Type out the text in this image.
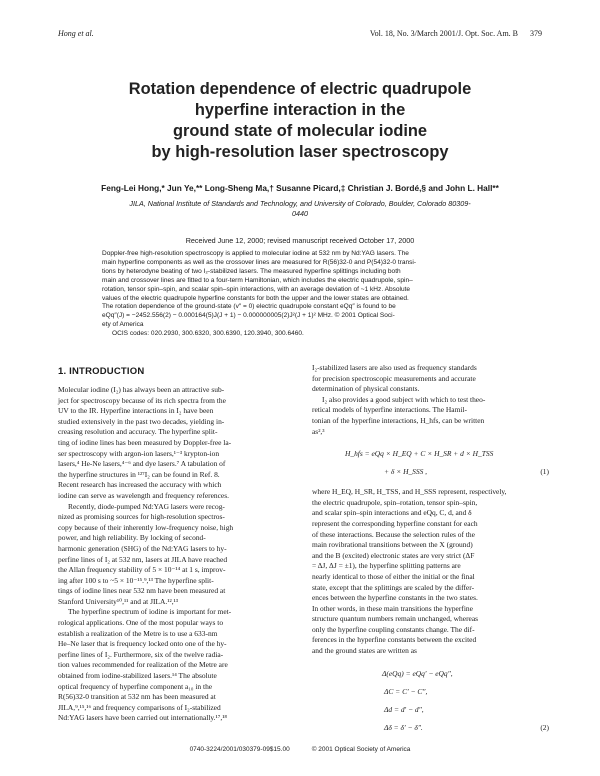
Hong et al.	Vol. 18, No. 3/March 2001/J. Opt. Soc. Am. B 379
Rotation dependence of electric quadrupole
hyperfine interaction in the
ground state of molecular iodine
by high-resolution laser spectroscopy
Feng-Lei Hong,* Jun Ye,** Long-Sheng Ma,† Susanne Picard,‡ Christian J. Bordé,§ and John L. Hall**
JILA, National Institute of Standards and Technology, and University of Colorado, Boulder, Colorado 80309-
0440
Received June 12, 2000; revised manuscript received October 17, 2000
Doppler-free high-resolution spectroscopy is applied to molecular iodine at 532 nm by Nd:YAG lasers. The
main hyperfine components as well as the crossover lines are measured for R(56)32-0 and P(54)32-0 transi-
tions by heterodyne beating of two I₂-stabilized lasers. The measured hyperfine splittings including both
main and crossover lines are fitted to a four-term Hamiltonian, which includes the electric quadrupole, spin–
rotation, tensor spin–spin, and scalar spin–spin interactions, with an average deviation of ~1 kHz. Absolute
values of the electric quadrupole hyperfine constants for both the upper and the lower states are obtained.
The rotation dependence of the ground-state (v″ = 0) electric quadrupole constant eQq″ is found to be
eQq″(J) = −2452.556(2) − 0.000164(5)J(J + 1) − 0.000000005(2)J²(J + 1)² MHz. © 2001 Optical Soci-
ety of America
OCIS codes: 020.2930, 300.6320, 300.6390, 120.3940, 300.6460.
1. INTRODUCTION
Molecular iodine (I₂) has always been an attractive sub-
ject for spectroscopy because of its rich spectra from the
UV to the IR. Hyperfine interactions in I₂ have been
studied extensively in the past two decades, yielding in-
creasing resolution and accuracy. The hyperfine split-
ting of iodine lines has been measured by Doppler-free la-
ser spectroscopy with argon-ion lasers,¹⁻³ krypton-ion
lasers,⁴ He-Ne lasers,⁴⁻⁶ and dye lasers.⁷ A tabulation of
the hyperfine structures in ¹²⁷I₂ can be found in Ref. 8.
Recent research has increased the accuracy with which
iodine can serve as wavelength and frequency references.
Recently, diode-pumped Nd:YAG lasers were recog-
nized as promising sources for high-resolution spectros-
copy because of their inherently low-frequency noise, high
power, and high reliability. By locking of second-
harmonic generation (SHG) of the Nd:YAG lasers to hy-
perfine lines of I₂ at 532 nm, lasers at JILA have reached
the Allan frequency stability of 5 × 10⁻¹⁴ at 1 s, improv-
ing after 100 s to ~5 × 10⁻¹⁵.⁹,¹³ The hyperfine split-
tings of iodine lines near 532 nm have been measured at
Stanford University¹⁰,¹¹ and at JILA.¹²,¹³
The hyperfine spectrum of iodine is important for met-
rological applications. One of the most popular ways to
establish a realization of the Metre is to use a 633-nm
He–Ne laser that is frequency locked onto one of the hy-
perfine lines of I₂. Furthermore, six of the twelve radia-
tion values recommended for realization of the Metre are
obtained from iodine-stabilized lasers.¹⁴ The absolute
optical frequency of hyperfine component a₁₀ in the
R(56)32-0 transition at 532 nm has been measured at
JILA,⁹,¹⁵,¹⁶ and frequency comparisons of I₂-stabilized
Nd:YAG lasers have been carried out internationally.¹⁷,¹⁸
I₂-stabilized lasers are also used as frequency standards
for precision spectroscopic measurements and accurate
determination of physical constants.
I₂ also provides a good subject with which to test theo-
retical models of hyperfine interactions. The Hamil-
tonian of the hyperfine interactions, H_hfs, can be written
as²,³
H_hfs = eQq × H_EQ + C × H_SR + d × H_TSS
+ δ × H_SSS ,	(1)
where H_EQ, H_SR, H_TSS, and H_SSS represent, respectively,
the electric quadrupole, spin–rotation, tensor spin–spin,
and scalar spin–spin interactions and eQq, C, d, and δ
represent the corresponding hyperfine constant for each
of these interactions. Because the selection rules of the
main rovibrational transitions between the X (ground)
and the B (excited) electronic states are very strict (ΔF
= ΔJ, ΔJ = ±1), the hyperfine splitting patterns are
nearly identical to those of either the initial or the final
state, except that the splittings are scaled by the differ-
ences between the hyperfine constants in the two states.
In other words, in these main transitions the hyperfine
structure quantum numbers remain unchanged, whereas
only the hyperfine coupling constants change. The dif-
ferences in the hyperfine constants between the excited
and the ground states are written as
Δ(eQq) = eQq′ − eQq″,
ΔC = C′ − C″,
Δd = d′ − d″,
Δδ = δ′ − δ″.	(2)
0740-3224/2001/030379-09$15.00	© 2001 Optical Society of America
